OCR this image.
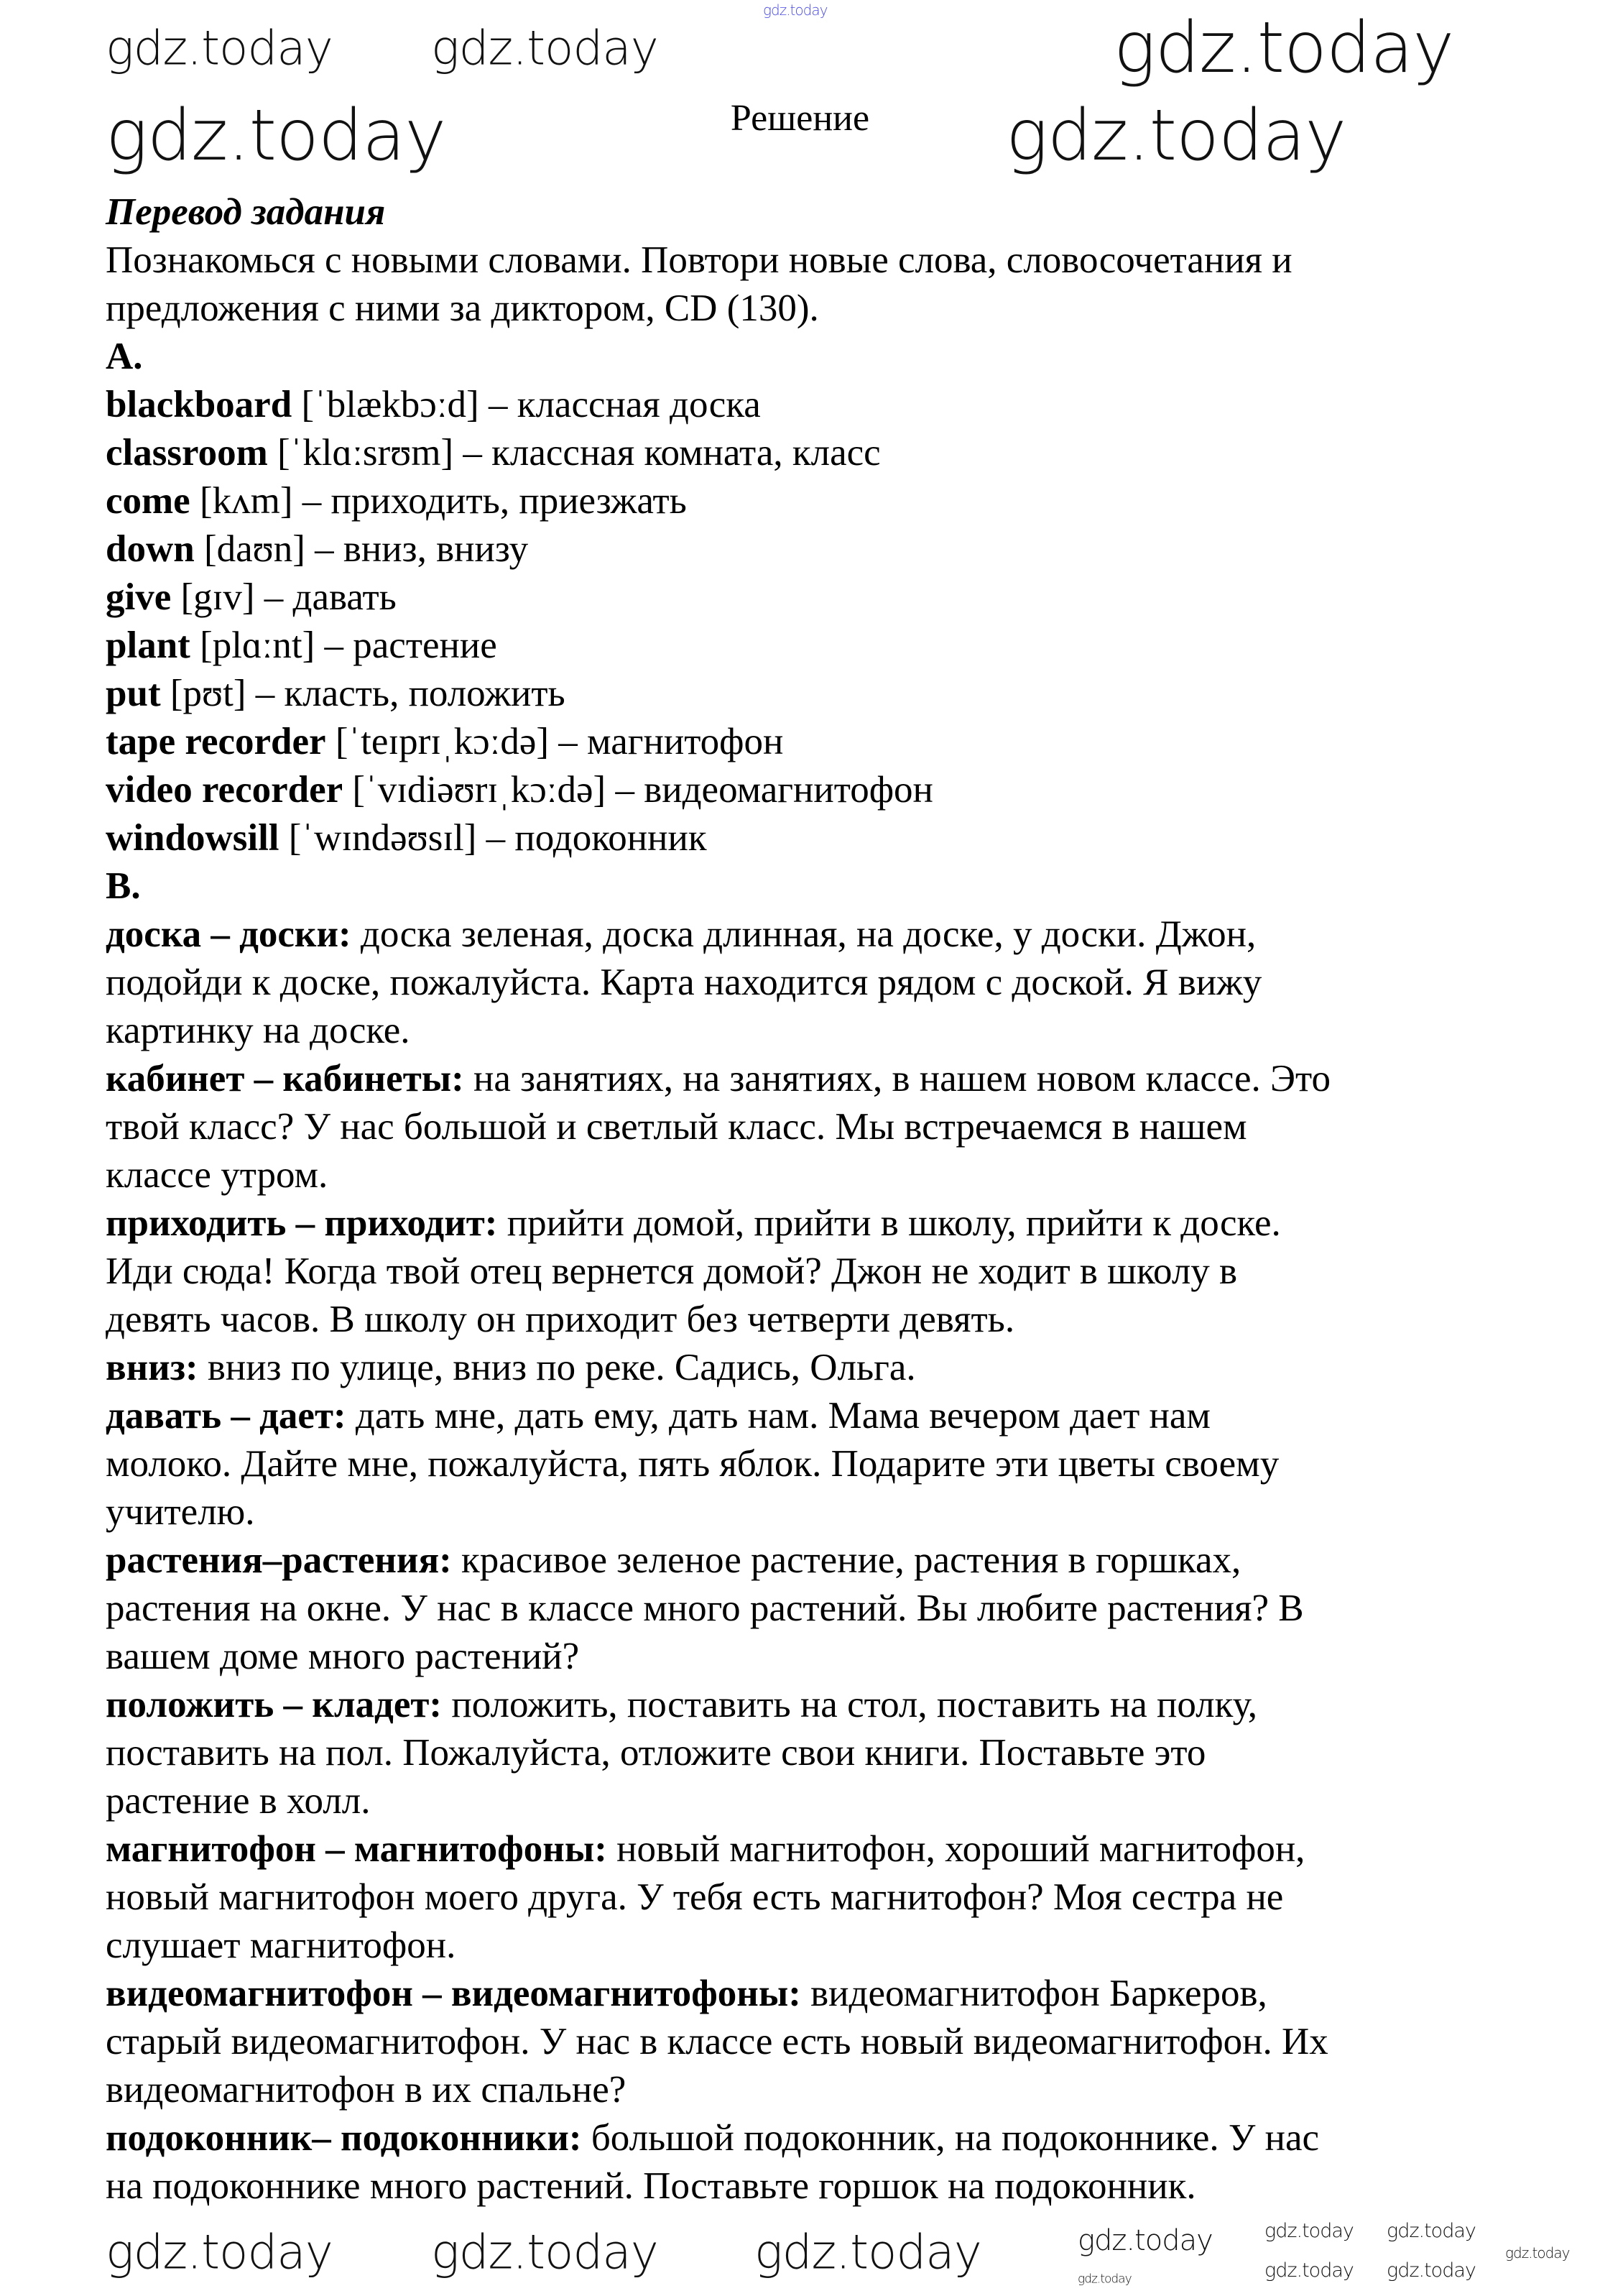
Решение
Перевод задания
Познакомься с новыми словами. Повтори новые слова, словосочетания и
предложения с ними за диктором, CD (130).
A.
blackboard [ˈblækbɔːd] – классная доска
classroom [ˈklɑːsrʊm] – классная комната, класс
come [kʌm] – приходить, приезжать
down [daʊn] – вниз, внизу
give [gɪv] – давать
plant [plɑːnt] – растение
put [pʊt] – класть, положить
tape recorder [ˈteɪprɪˌkɔːdə] – магнитофон
video recorder [ˈvɪdiəʊrɪˌkɔːdə] – видеомагнитофон
windowsill [ˈwɪndəʊsɪl] – подоконник
B.
доска – доски: доска зеленая, доска длинная, на доске, у доски. Джон,
подойди к доске, пожалуйста. Карта находится рядом с доской. Я вижу
картинку на доске.
кабинет – кабинеты: на занятиях, на занятиях, в нашем новом классе. Это
твой класс? У нас большой и светлый класс. Мы встречаемся в нашем
классе утром.
приходить – приходит: прийти домой, прийти в школу, прийти к доске.
Иди сюда! Когда твой отец вернется домой? Джон не ходит в школу в
девять часов. В школу он приходит без четверти девять.
вниз: вниз по улице, вниз по реке. Садись, Ольга.
давать – дает: дать мне, дать ему, дать нам. Мама вечером дает нам
молоко. Дайте мне, пожалуйста, пять яблок. Подарите эти цветы своему
учителю.
растения–растения: красивое зеленое растение, растения в горшках,
растения на окне. У нас в классе много растений. Вы любите растения? В
вашем доме много растений?
положить – кладет: положить, поставить на стол, поставить на полку,
поставить на пол. Пожалуйста, отложите свои книги. Поставьте это
растение в холл.
магнитофон – магнитофоны: новый магнитофон, хороший магнитофон,
новый магнитофон моего друга. У тебя есть магнитофон? Моя сестра не
слушает магнитофон.
видеомагнитофон – видеомагнитофоны: видеомагнитофон Баркеров,
старый видеомагнитофон. У нас в классе есть новый видеомагнитофон. Их
видеомагнитофон в их спальне?
подоконник– подоконники: большой подоконник, на подоконнике. У нас
на подоконнике много растений. Поставьте горшок на подоконник.
gdz.today
gdz.today	gdz.today
gdz.today
gdz.today gdz.today
gdz.today gdz.today gdz.today	gdz.today
gdz.today
gdz.today gdz.today
gdz.today gdz.today
gdz.today
